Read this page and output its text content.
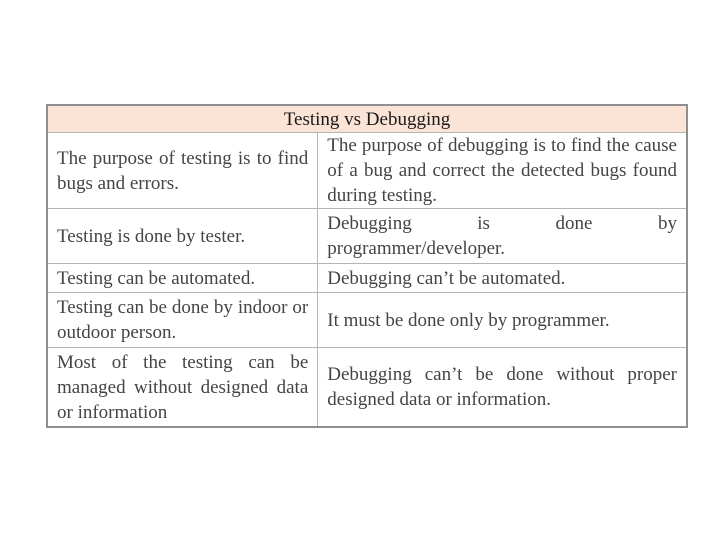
Testing vs Debugging	
The purpose of testing is to find bugs and errors.	The purpose of debugging is to find the cause of a bug and correct the detected bugs found during testing.
Testing is done by tester.	Debugging is done by programmer/developer.
Testing can be automated.	Debugging can’t be automated.
Testing can be done by indoor or outdoor person.	It must be done only by programmer.
Most of the testing can be managed without designed data or information	Debugging can’t be done without proper designed data or information.
